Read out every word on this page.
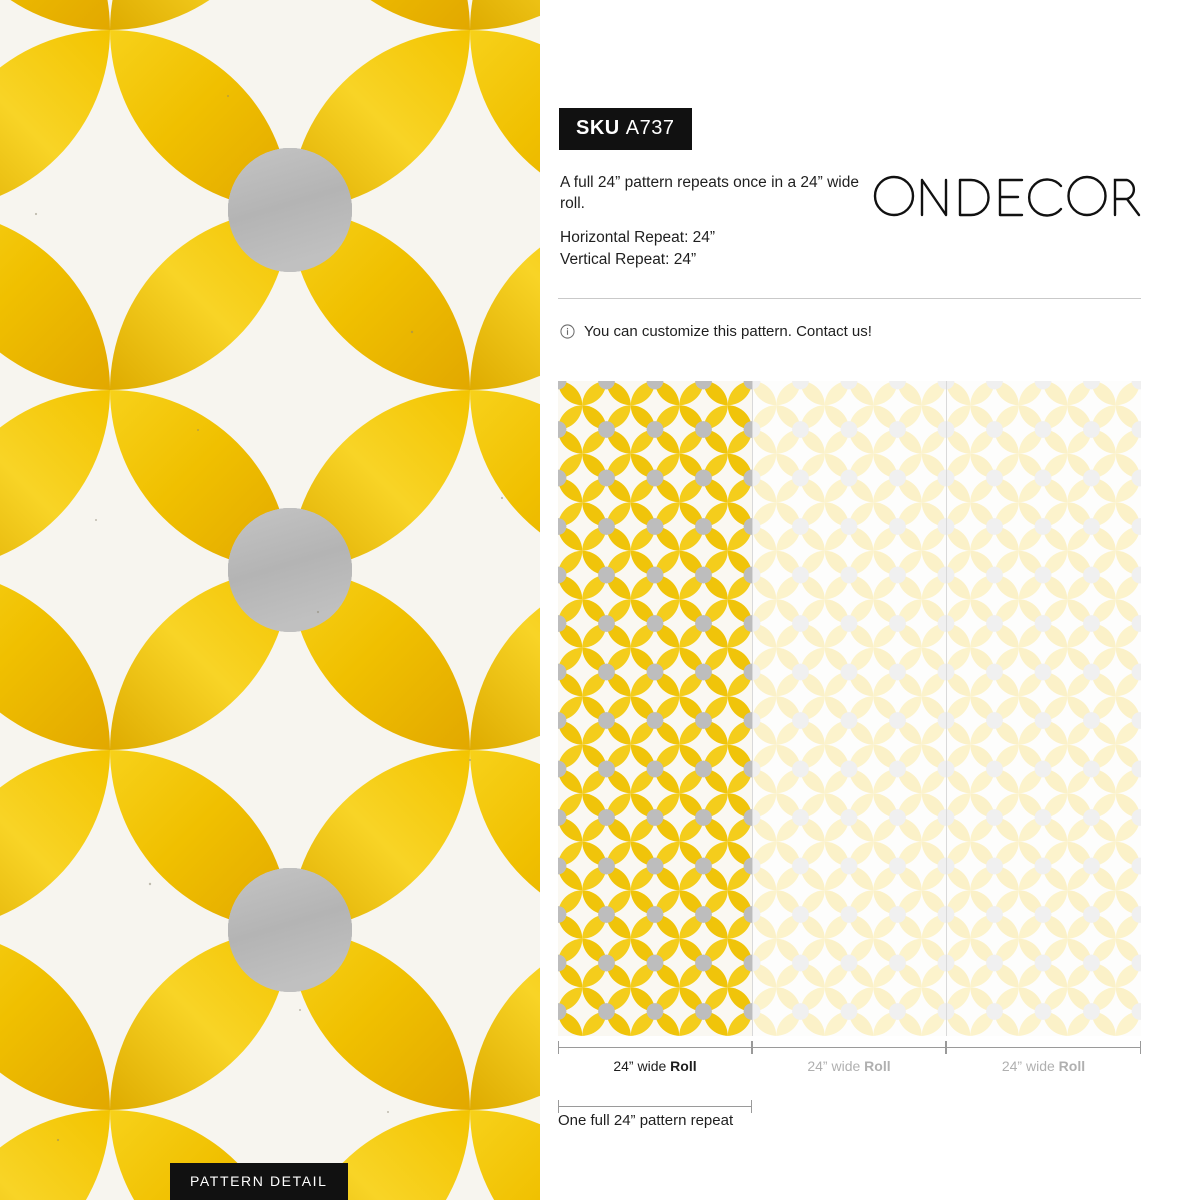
PATTERN DETAIL
SKU A737
A full 24” pattern repeats once in a 24” wide roll.
Horizontal Repeat: 24”
Vertical Repeat: 24”
You can customize this pattern. Contact us!
24” wide Roll	24” wide Roll	24” wide Roll
One full 24” pattern repeat
